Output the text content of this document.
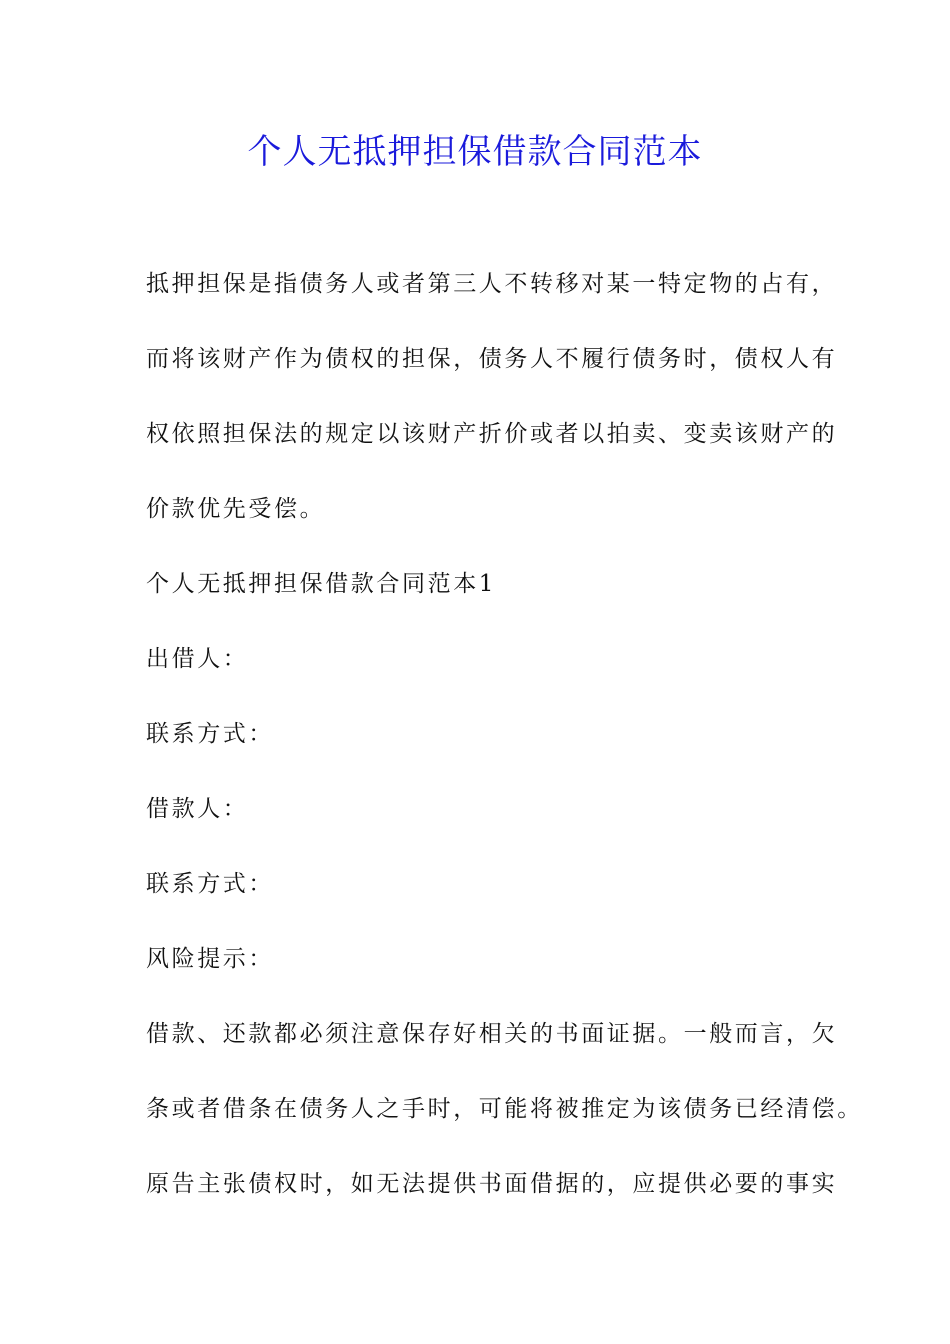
个人无抵押担保借款合同范本

抵押担保是指债务人或者第三人不转移对某一特定物的占有，

而将该财产作为债权的担保，债务人不履行债务时，债权人有

权依照担保法的规定以该财产折价或者以拍卖、变卖该财产的

价款优先受偿。

个人无抵押担保借款合同范本1

出借人：

联系方式：

借款人：

联系方式：

风险提示：

借款、还款都必须注意保存好相关的书面证据。一般而言，欠

条或者借条在债务人之手时，可能将被推定为该债务已经清偿。

原告主张债权时，如无法提供书面借据的，应提供必要的事实
